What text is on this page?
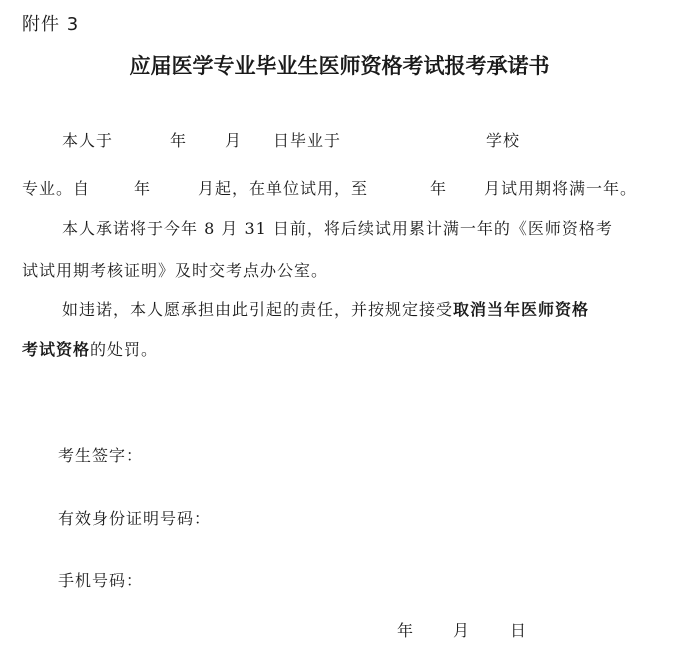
附件 3
应届医学专业毕业生医师资格考试报考承诺书
本人于	年 月 日毕业于	学校
专业。自	年	月起，在单位试用，至	年 月试用期将满一年。
本人承诺将于今年 8 月 31 日前，将后续试用累计满一年的《医师资格考
试试用期考核证明》及时交考点办公室。
如违诺，本人愿承担由此引起的责任，并按规定接受取消当年医师资格
考试资格的处罚。
考生签字：
有效身份证明号码：
手机号码：
年 月 日
